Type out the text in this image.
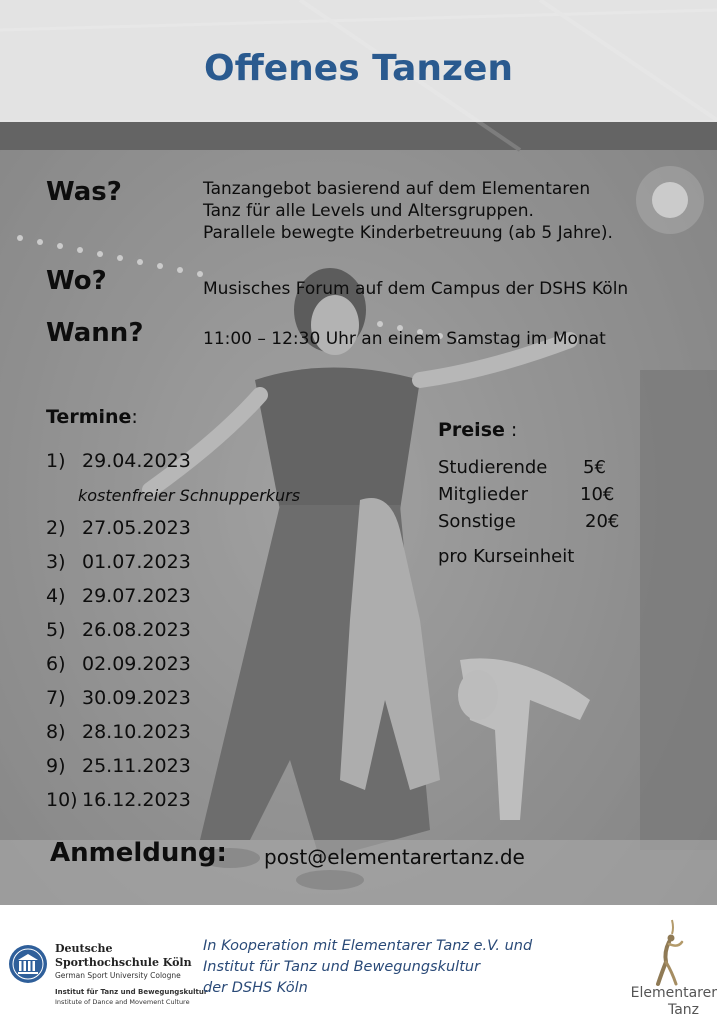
Offenes Tanzen
Was?	Tanzangebot basierend auf dem Elementaren
Tanz für alle Levels und Altersgruppen.
Parallele bewegte Kinderbetreuung (ab 5 Jahre).
Wo?	Musisches Forum auf dem Campus der DSHS Köln
Wann?	11:00 – 12:30 Uhr an einem Samstag im Monat
Termine:
1) 29.04.2023
kostenfreier Schnupperkurs
2) 27.05.2023
3) 01.07.2023
4) 29.07.2023
5) 26.08.2023
6) 02.09.2023
7) 30.09.2023
8) 28.10.2023
9) 25.11.2023
10) 16.12.2023
Preise :
Studierende 5€
Mitglieder	10€
Sonstige	20€
pro Kurseinheit
Anmeldung: post@elementarertanz.de
Deutsche
Sporthochschule Köln
German Sport University Cologne
Institut für Tanz und Bewegungskultur
Institute of Dance and Movement Culture
In Kooperation mit Elementarer Tanz e.V. und
Institut für Tanz und Bewegungskultur
der DSHS Köln	Elementarer
Tanz
